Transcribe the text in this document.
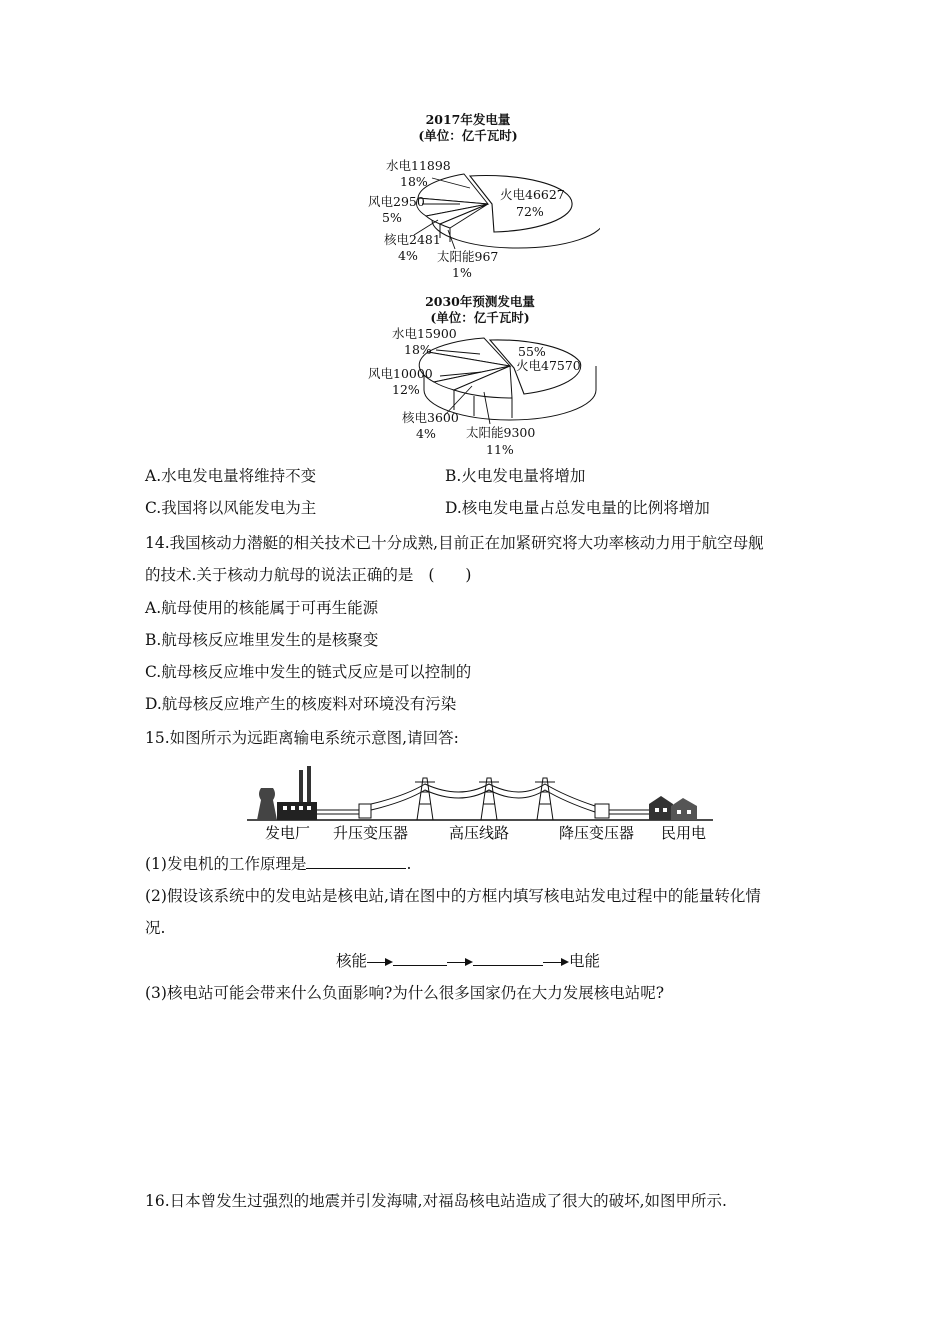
2017年发电量
(单位：亿千瓦时)
水电11898
18%
火电46627
72%
风电2950
5%
核电2481
4% 太阳能967
1%
2030年预测发电量
(单位：亿千瓦时)
水电15900
18%	55%
火电47570
风电10000
12%
核电3600
4% 太阳能9300
11%
A.水电发电量将维持不变	B.火电发电量将增加
C.我国将以风能发电为主	D.核电发电量占总发电量的比例将增加
14.我国核动力潜艇的相关技术已十分成熟,目前正在加紧研究将大功率核动力用于航空母舰
的技术.关于核动力航母的说法正确的是 (　　)
A.航母使用的核能属于可再生能源
B.航母核反应堆里发生的是核聚变
C.航母核反应堆中发生的链式反应是可以控制的
D.航母核反应堆产生的核废料对环境没有污染
15.如图所示为远距离输电系统示意图,请回答:
发电厂 升压变压器	高压线路	降压变压器 民用电
(1)发电机的工作原理是	.
(2)假设该系统中的发电站是核电站,请在图中的方框内填写核电站发电过程中的能量转化情
况.
核能	电能
(3)核电站可能会带来什么负面影响?为什么很多国家仍在大力发展核电站呢?
16.日本曾发生过强烈的地震并引发海啸,对福岛核电站造成了很大的破坏,如图甲所示.
